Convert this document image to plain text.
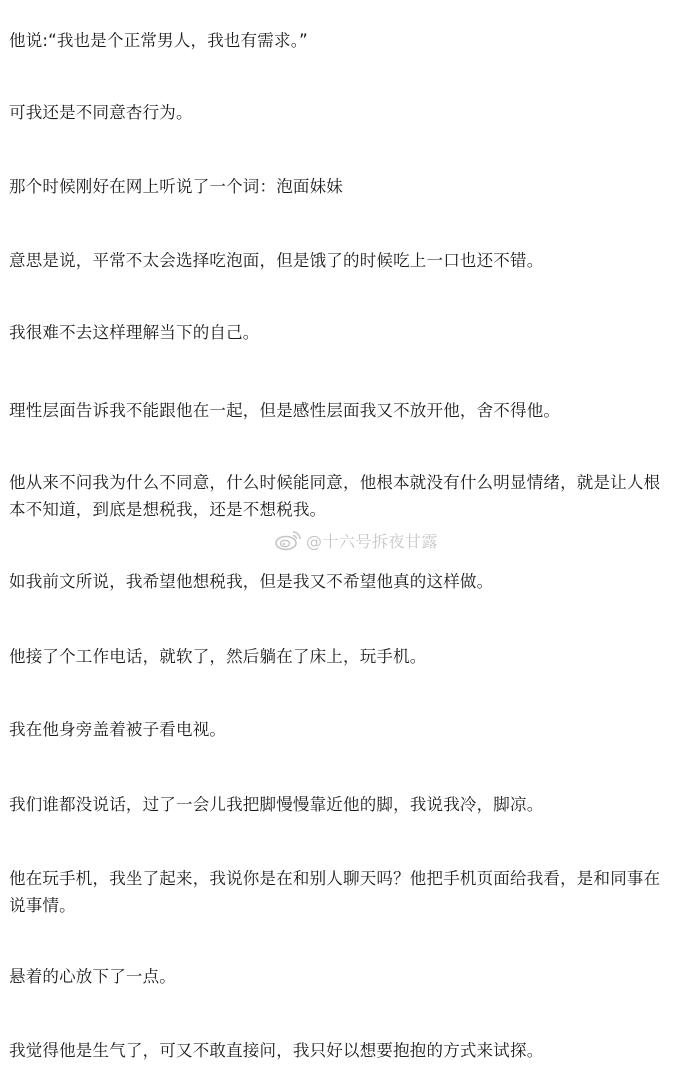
他说:“我也是个正常男人，我也有需求。”

可我还是不同意杏行为。

那个时候刚好在网上听说了一个词：泡面妹妹

意思是说，平常不太会选择吃泡面，但是饿了的时候吃上一口也还不错。

我很难不去这样理解当下的自己。

理性层面告诉我不能跟他在一起，但是感性层面我又不放开他，舍不得他。

他从来不问我为什么不同意，什么时候能同意，他根本就没有什么明显情绪，就是让人根本不知道，到底是想税我，还是不想税我。

如我前文所说，我希望他想税我，但是我又不希望他真的这样做。

他接了个工作电话，就软了，然后躺在了床上，玩手机。

我在他身旁盖着被子看电视。

我们谁都没说话，过了一会儿我把脚慢慢靠近他的脚，我说我冷，脚凉。

他在玩手机，我坐了起来，我说你是在和别人聊天吗？他把手机页面给我看，是和同事在说事情。

悬着的心放下了一点。

我觉得他是生气了，可又不敢直接问，我只好以想要抱抱的方式来试探。

@十六号拆夜甘露
